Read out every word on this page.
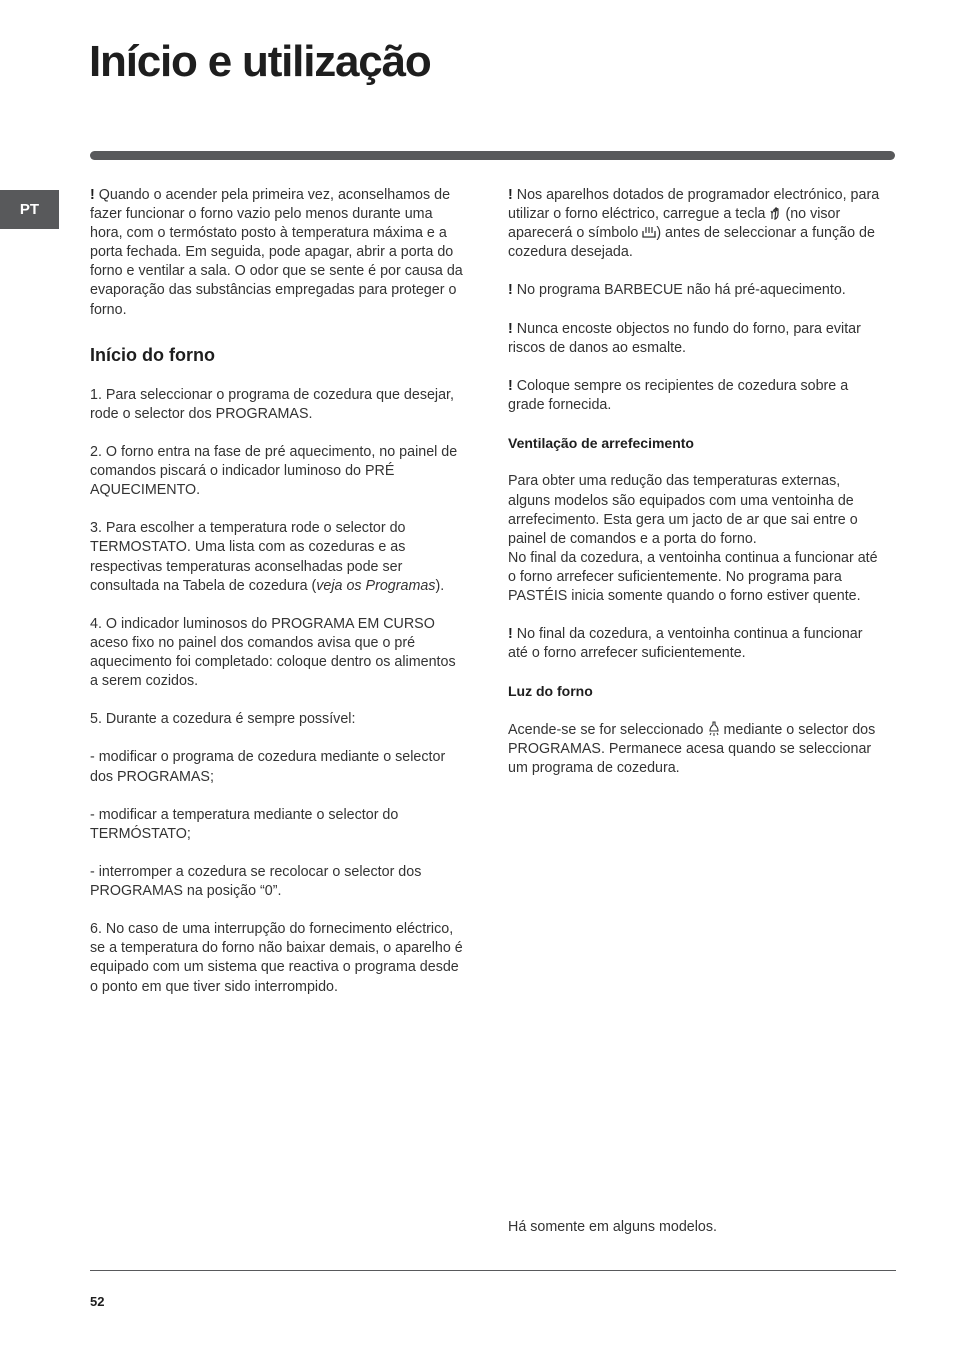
Início e utilização
PT

! Quando o acender pela primeira vez, aconselhamos de fazer funcionar o forno vazio pelo menos durante uma hora, com o termóstato posto à temperatura máxima e a porta fechada. Em seguida, pode apagar, abrir a porta do forno e ventilar a sala. O odor que se sente é por causa da evaporação das substâncias empregadas para proteger o forno.

Início do forno

1. Para seleccionar o programa de cozedura que desejar, rode o selector dos PROGRAMAS.

2. O forno entra na fase de pré aquecimento, no painel de comandos piscará o indicador luminoso do PRÉ AQUECIMENTO.

3. Para escolher a temperatura rode o selector do TERMOSTATO. Uma lista com as cozeduras e as respectivas temperaturas aconselhadas pode ser consultada na Tabela de cozedura (veja os Programas).

4. O indicador luminosos do PROGRAMA EM CURSO aceso fixo no painel dos comandos avisa que o pré aquecimento foi completado: coloque dentro os alimentos a serem cozidos.

5. Durante a cozedura é sempre possível:

- modificar o programa de cozedura mediante o selector dos PROGRAMAS;

- modificar a temperatura mediante o selector do TERMÓSTATO;

- interromper a cozedura se recolocar o selector dos PROGRAMAS na posição “0”.

6. No caso de uma interrupção do fornecimento eléctrico, se a temperatura do forno não baixar demais, o aparelho é equipado com um sistema que reactiva o programa desde o ponto em que tiver sido interrompido.

! Nos aparelhos dotados de programador electrónico, para utilizar o forno eléctrico, carregue a tecla (no visor aparecerá o símbolo ) antes de seleccionar a função de cozedura desejada.

! No programa BARBECUE não há pré-aquecimento.

! Nunca encoste objectos no fundo do forno, para evitar riscos de danos ao esmalte.

! Coloque sempre os recipientes de cozedura sobre a grade fornecida.

Ventilação de arrefecimento

Para obter uma redução das temperaturas externas, alguns modelos são equipados com uma ventoinha de arrefecimento. Esta gera um jacto de ar que sai entre o painel de comandos e a porta do forno.

No final da cozedura, a ventoinha continua a funcionar até o forno arrefecer suficientemente. No programa para PASTÉIS inicia somente quando o forno estiver quente.

! No final da cozedura, a ventoinha continua a funcionar até o forno arrefecer suficientemente.

Luz do forno

Acende-se se for seleccionado mediante o selector dos PROGRAMAS. Permanece acesa quando se seleccionar um programa de cozedura.

Há somente em alguns modelos.
52
